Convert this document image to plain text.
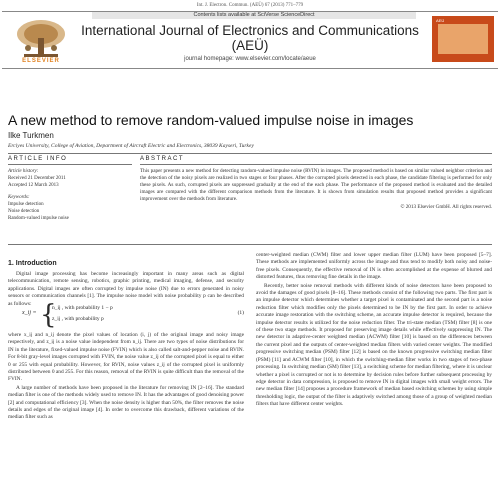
Int. J. Electron. Commun. (AEÜ) 67 (2013) 771–779
Contents lists available at SciVerse ScienceDirect
ELSEVIER
International Journal of Electronics and Communications (AEÜ)
journal homepage: www.elsevier.com/locate/aeue
AEÜ
A new method to remove random-valued impulse noise in images
Ilke Turkmen
Erciyes University, College of Aviation, Department of Aircraft Electric and Electronics, 38039 Kayseri, Turkey
ARTICLE INFO	ABSTRACT
Article history:
Received 21 December 2011
Accepted 12 March 2013
Keywords:
Impulse detection
Noise detection
Random-valued impulse noise
This paper presents a new method for detecting random-valued impulse noise (RVIN) in images. The proposed method is based on similar valued neighbor criterion and the detection of the noisy pixels are realized in two stages or four phases. After the corrupted pixels detected in each phase, the candidate filtering is performed for only these pixels. As such, corrupted pixels are suppressed gradually at the end of the each phase. The performance of the proposed method is evaluated and the detailed images are compared with the different comparison methods from the literature. It is shown from simulation results that proposed method provides a significant improvement over the methods from literature.
© 2013 Elsevier GmbH. All rights reserved.
1. Introduction

Digital image processing has become increasingly important in many areas such as digital telecommunication, remote sensing, robotics, graphic printing, medical imaging, defense, and security applications. Digital images are often corrupted by impulse noise (IN) due to errors generated in noisy sensors or communication channels [1]. The impulse noise model with noise probability p can be described as follows:

x_ij = {
n_ij , with probability 1 − p
z_ij , with probability p
(1)

where x_ij and n_ij denote the pixel values of location (i, j) of the original image and noisy image respectively, and z_ij is a noise value independent from n_ij. There are two types of noise distributions for IN in the literature, fixed-valued impulse noise (FVIN) which is also called salt-and-pepper noise and RVIN. For 8-bit gray-level images corrupted with FVIN, the noise value z_ij of the corrupted pixel is equal to either 0 or 255 with equal probability. However, for RVIN, noise values z_ij of the corrupted pixel is uniformly distributed between 0 and 255. For this reason, removal of the RVIN is quite difficult than the removal of the FVIN.

A large number of methods have been proposed in the literature for removing IN [2–16]. The standard median filter is one of the methods widely used to remove IN. It has the advantages of good denoising power [2] and computational efficiency [3]. When the noise density is higher than 50%, the filter removes the noise details and edges of the original image [4]. In order to overcome this drawback, different variations of the median filter such as

center-weighted median (CWM) filter and lower upper median filter (LUM) have been proposed [5–7]. These methods are implemented uniformly across the image and thus tend to modify both noisy and noise-free pixels. Consequently, the effective removal of IN is often accomplished at the expense of blurred and distorted features, thus removing fine details in the image.

Recently, better noise removal methods with different kinds of noise detectors have been proposed to avoid the damages of good pixels [8–16]. These methods consist of the following two parts. The first part is an impulse detector which determines whether a target pixel is contaminated and the second part is a noise reduction filter which modifies only the pixels determined to be IN by the first part. In order to achieve accurate image restoration with the switching scheme, an accurate impulse detector is required, because the impulse detector results is utilized for the noise reduction filter. The tri-state median (TSM) filter [8] is one of these two stage methods. It proposed for preserving image details while effectively suppressing IN. The new detector in adaptive-center weighted median (ACWM) filter [10] is based on the differences between the current pixel and the outputs of center-weighted median filters with varied center weights. The modified progressive switching median (PSM) filter [12] is based on the known progressive switching median filter (PSM) [11] and ACWM filter [10], in which the switching-median filter works in two stages of two-phase processing. In switching median (SM) filter [13], a switching scheme for median filtering, where it is unclear whether a pixel is corrupted or not is to determine by decision rules before further subsequent processing by edge detector in data compression, is proposed to remove IN in digital images with small weight errors. The new median filter [14] proposes a procedure framework of median based switching schemes by using simple thresholding logic, the output of the filter is adaptively switched among those of a group of weighted median filters that have different center weights.
